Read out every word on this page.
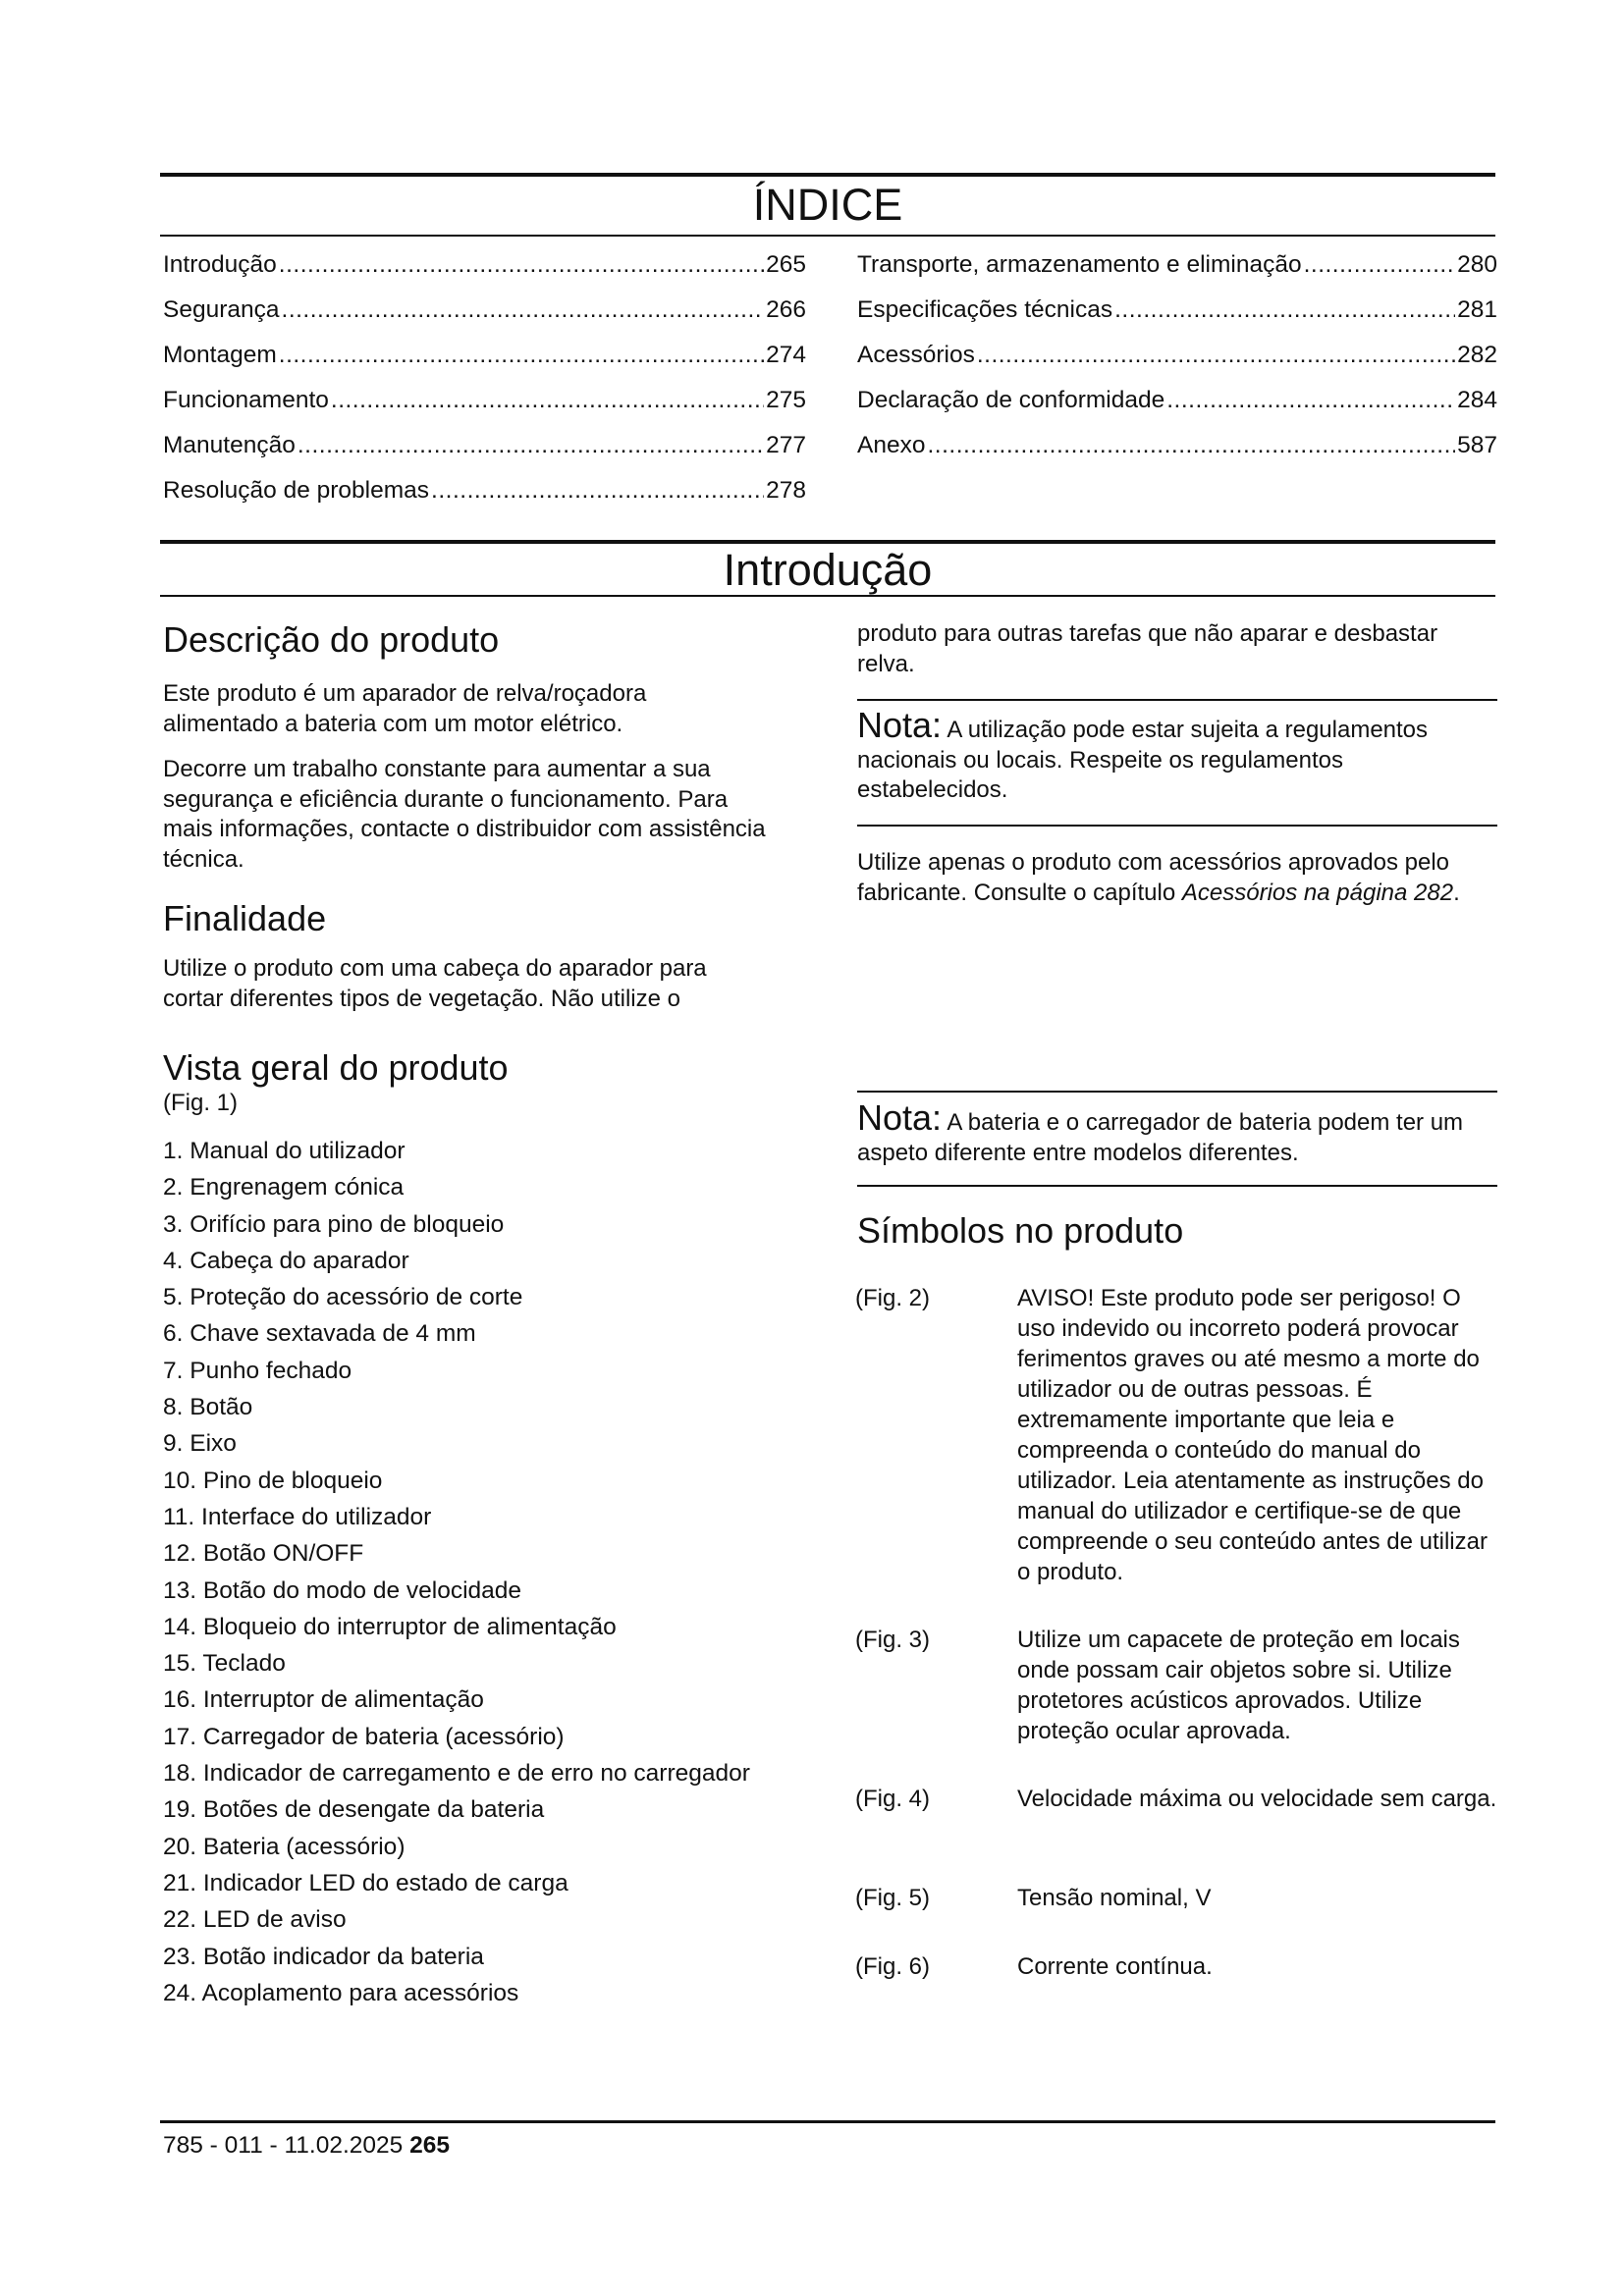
ÍNDICE
Introdução .....	265
Segurança .....	266
Montagem .....	274
Funcionamento .....	275
Manutenção .....	277
Resolução de problemas .....	278
Transporte, armazenamento e eliminação .....	280
Especificações técnicas .....	281
Acessórios .....	282
Declaração de conformidade .....	284
Anexo .....	587
Introdução
Descrição do produto
Este produto é um aparador de relva/roçadora alimentado a bateria com um motor elétrico.
Decorre um trabalho constante para aumentar a sua segurança e eficiência durante o funcionamento. Para mais informações, contacte o distribuidor com assistência técnica.
Finalidade
Utilize o produto com uma cabeça do aparador para cortar diferentes tipos de vegetação. Não utilize o
Vista geral do produto
(Fig. 1)
1. Manual do utilizador
2. Engrenagem cónica
3. Orifício para pino de bloqueio
4. Cabeça do aparador
5. Proteção do acessório de corte
6. Chave sextavada de 4 mm
7. Punho fechado
8. Botão
9. Eixo
10. Pino de bloqueio
11. Interface do utilizador
12. Botão ON/OFF
13. Botão do modo de velocidade
14. Bloqueio do interruptor de alimentação
15. Teclado
16. Interruptor de alimentação
17. Carregador de bateria (acessório)
18. Indicador de carregamento e de erro no carregador
19. Botões de desengate da bateria
20. Bateria (acessório)
21. Indicador LED do estado de carga
22. LED de aviso
23. Botão indicador da bateria
24. Acoplamento para acessórios
produto para outras tarefas que não aparar e desbastar relva.
Nota: A utilização pode estar sujeita a regulamentos nacionais ou locais. Respeite os regulamentos estabelecidos.
Utilize apenas o produto com acessórios aprovados pelo fabricante. Consulte o capítulo Acessórios na página 282.
Nota: A bateria e o carregador de bateria podem ter um aspeto diferente entre modelos diferentes.
Símbolos no produto
(Fig. 2)	AVISO! Este produto pode ser perigoso! O uso indevido ou incorreto poderá provocar ferimentos graves ou até mesmo a morte do utilizador ou de outras pessoas. É extremamente importante que leia e compreenda o conteúdo do manual do utilizador. Leia atentamente as instruções do manual do utilizador e certifique-se de que compreende o seu conteúdo antes de utilizar o produto.
(Fig. 3)	Utilize um capacete de proteção em locais onde possam cair objetos sobre si. Utilize protetores acústicos aprovados. Utilize proteção ocular aprovada.
(Fig. 4)	Velocidade máxima ou velocidade sem carga.
(Fig. 5)	Tensão nominal, V
(Fig. 6)	Corrente contínua.
785 - 011 - 11.02.2025 265
